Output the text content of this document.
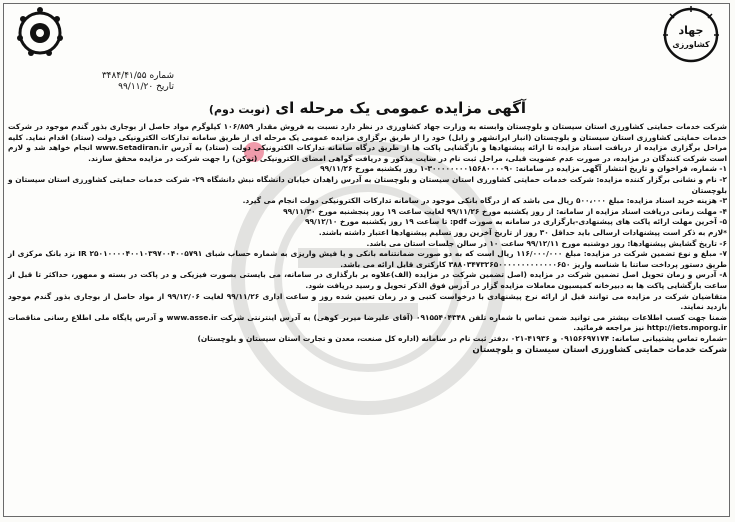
جهاد
کشاورزی
شماره ۳۴۸۴/۴۱/۵۵
تاریخ ۹۹/۱۱/۲۰
آگهی مزایده عمومی یک مرحله ای (نوبت دوم)

شرکت خدمات حمایتی کشاورزی استان سیستان و بلوچستان وابسته به وزارت جهاد کشاورزی در نظر دارد نسبت به فروش مقدار ۱۰۶/۸۵۹ کیلوگرم مواد حاصل از بوجاری بذور گندم موجود در شرکت خدمات حمایتی کشاورزی استان سیستان و بلوچستان (انبار ایرانشهر و زابل) خود را از طریق برگزاری مزایده عمومی یک مرحله ای از طریق سامانه تدارکات الکترونیکی دولت (ستاد) اقدام نماید. کلیه مراحل برگزاری مزایده از دریافت اسناد مزایده تا ارائه پیشنهادها و بازگشایی پاکت ها از طریق درگاه سامانه تدارکات الکترونیکی دولت (ستاد) به آدرس www.Setadiran.ir انجام خواهد شد و لازم است شرکت کنندگان در مزایده، در صورت عدم عضویت قبلی، مراحل ثبت نام در سایت مذکور و دریافت گواهی امضای الکترونیکی (توکن) را جهت شرکت در مزایده محقق سازند.

۱- شماره، فراخوان و تاریخ انتشار آگهی مزایده در سامانه: ۳۰۰۰۰۰۰۰۰۱۵۶۸۰۰۰۰۹۰-۱ روز یکشنبه مورخ ۹۹/۱۱/۲۶

۲- نام و نشانی برگزار کننده مزایده: شرکت خدمات حمایتی کشاورزی استان سیستان و بلوچستان به آدرس زاهدان خیابان دانشگاه نبش دانشگاه ۲۹- شرکت خدمات حمایتی کشاورزی استان سیستان و بلوچستان

۳- هزینه خرید اسناد مزایده: مبلغ ۵۰۰،۰۰۰ ریال می باشد که از درگاه بانکی موجود در سامانه تدارکات الکترونیکی دولت انجام می گیرد.

۴- مهلت زمانی دریافت اسناد مزایده از سامانه: از روز یکشنبه مورخ ۹۹/۱۱/۲۶ لغایت ساعت ۱۹ روز پنجشنبه مورخ ۹۹/۱۱/۳۰

۵- آخرین مهلت ارائه پاکت های پیشنهادی-بارگزاری در سامانه به صورت pdf: تا ساعت ۱۹ روز یکشنبه مورخ ۹۹/۱۲/۱۰

*لازم به ذکر است پیشنهادات ارسالی باید حداقل ۳۰ روز از تاریخ آخرین روز تسلیم پیشنهادها اعتبار داشته باشند.

۶- تاریخ گشایش پیشنهادها: روز دوشنبه مورخ ۹۹/۱۲/۱۱ ساعت ۱۰ در سالن جلسات استان می باشد.

۷- مبلغ و نوع تضمین شرکت در مزایده: مبلغ ۱۱۶/۰۰۰/۰۰۰ ریال است که به دو صورت ضمانتنامه بانکی و یا فیش واریزی به شماره حساب شبای IR ۲۵۰۱۰۰۰۰۴۰۰۱۰۳۹۷۰۰۴۰۰۵۷۹۱ نزد بانک مرکزی از طریق دستور پرداخت ساتنا با شناسه واریز ۳۸۸۰۳۴۷۳۲۶۵۰۰۰۰۰۰۰۰۰۰۰۰۰۶۵۰ کارکتری قابل ارائه می باشد.

۸- آدرس و زمان تحویل اصل تضمین شرکت در مزایده (اصل تضمین شرکت در مزایده (الف)علاوه بر بارگذاری در سامانه، می بایستی بصورت فیزیکی و در پاکت در بسته و ممهور، حداکثر تا قبل از ساعت بازگشایی پاکت ها به دبیرخانه کمیسیون معاملات مزایده گزار در آدرس فوق الذکر تحویل و رسید دریافت شود.

متقاضیان شرکت در مزایده می توانند قبل از ارائه نرخ پیشنهادی با درخواست کتبی و در زمان تعیین شده روز و ساعت اداری ۹۹/۱۱/۲۶ لغایت ۹۹/۱۲/۰۶ از مواد حاصل از بوجاری بذور گندم موجود بازدید نمایند.

ضمنا جهت کسب اطلاعات بیشتر می توانید ضمن تماس با شماره تلفن ۰۹۱۵۵۴۰۴۳۴۸ (آقای علیرضا میربر کوهی) به آدرس اینترنتی شرکت www.asse.ir و آدرس پایگاه ملی اطلاع رسانی مناقصات http://iets.mporg.ir نیز مراجعه فرمائید.

-شماره تماس پشتیبانی سامانه: ۰۹۱۵۶۶۹۷۱۷۴ و ۴۱۹۳۶-۰۲۱ ،دفتر ثبت نام در سامانه (اداره کل صنعت، معدن و تجارت استان سیستان و بلوچستان)

شرکت خدمات حمایتی کشاورزی استان سیستان و بلوچستان
